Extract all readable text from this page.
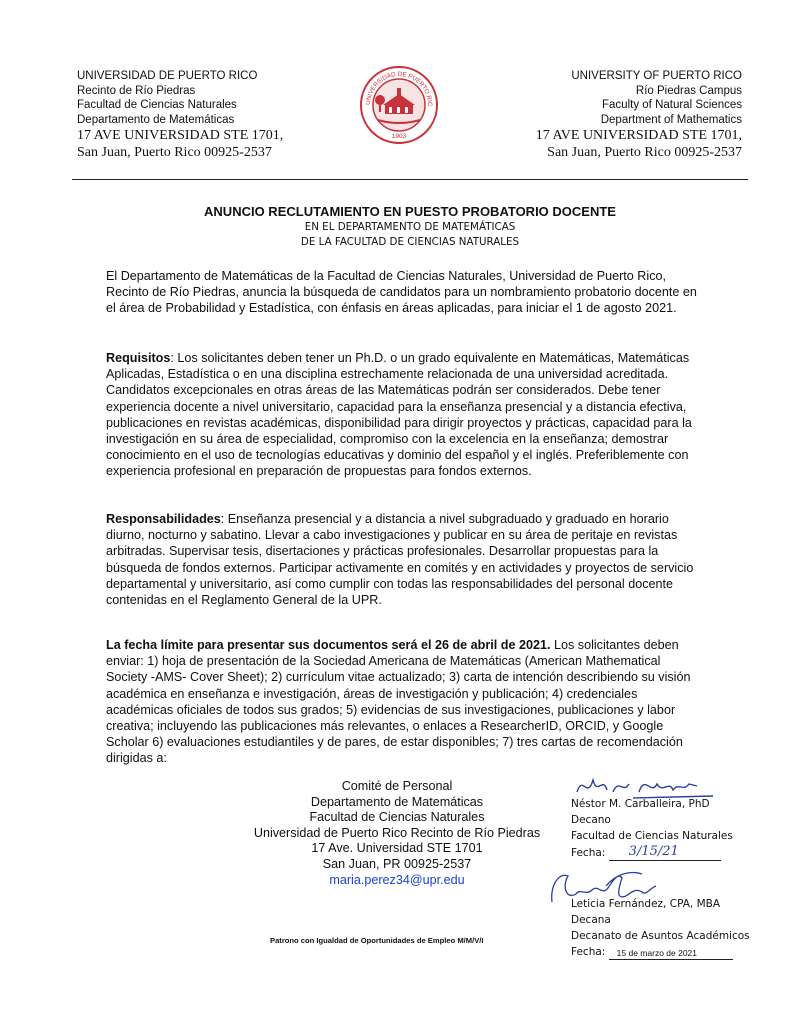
UNIVERSIDAD DE PUERTO RICO
Recinto de Río Piedras
Facultad de Ciencias Naturales
Departamento de Matemáticas
17 AVE UNIVERSIDAD STE 1701,
San Juan, Puerto Rico 00925-2537
UNIVERSIDAD DE PUERTO RIC
1903
UNIVERSITY OF PUERTO RICO
Río Piedras Campus
Faculty of Natural Sciences
Department of Mathematics
17 AVE UNIVERSIDAD STE 1701,
San Juan, Puerto Rico 00925-2537
ANUNCIO RECLUTAMIENTO EN PUESTO PROBATORIO DOCENTE
EN EL DEPARTAMENTO DE MATEMÁTICAS
DE LA FACULTAD DE CIENCIAS NATURALES
El Departamento de Matemáticas de la Facultad de Ciencias Naturales, Universidad de Puerto Rico, Recinto de Río Piedras, anuncia la búsqueda de candidatos para un nombramiento probatorio docente en el área de Probabilidad y Estadística, con énfasis en áreas aplicadas, para iniciar el 1 de agosto 2021.
Requisitos: Los solicitantes deben tener un Ph.D. o un grado equivalente en Matemáticas, Matemáticas Aplicadas, Estadística o en una disciplina estrechamente relacionada de una universidad acreditada. Candidatos excepcionales en otras áreas de las Matemáticas podrán ser considerados. Debe tener experiencia docente a nivel universitario, capacidad para la enseñanza presencial y a distancia efectiva, publicaciones en revistas académicas, disponibilidad para dirigir proyectos y prácticas, capacidad para la investigación en su área de especialidad, compromiso con la excelencia en la enseñanza; demostrar conocimiento en el uso de tecnologías educativas y dominio del español y el inglés. Preferiblemente con experiencia profesional en preparación de propuestas para fondos externos.
Responsabilidades: Enseñanza presencial y a distancia a nivel subgraduado y graduado en horario diurno, nocturno y sabatino. Llevar a cabo investigaciones y publicar en su área de peritaje en revistas arbitradas. Supervisar tesis, disertaciones y prácticas profesionales. Desarrollar propuestas para la búsqueda de fondos externos. Participar activamente en comités y en actividades y proyectos de servicio departamental y universitario, así como cumplir con todas las responsabilidades del personal docente contenidas en el Reglamento General de la UPR.
La fecha límite para presentar sus documentos será el 26 de abril de 2021. Los solicitantes deben enviar: 1) hoja de presentación de la Sociedad Americana de Matemáticas (American Mathematical Society -AMS- Cover Sheet); 2) currículum vitae actualizado; 3) carta de intención describiendo su visión académica en enseñanza e investigación, áreas de investigación y publicación; 4) credenciales académicas oficiales de todos sus grados; 5) evidencias de sus investigaciones, publicaciones y labor creativa; incluyendo las publicaciones más relevantes, o enlaces a ResearcherID, ORCID, y Google Scholar 6) evaluaciones estudiantiles y de pares, de estar disponibles; 7) tres cartas de recomendación dirigidas a:
Comité de Personal
Departamento de Matemáticas
Facultad de Ciencias Naturales
Universidad de Puerto Rico Recinto de Río Piedras
17 Ave. Universidad STE 1701
San Juan, PR 00925-2537
maria.perez34@upr.edu
Néstor M. Carballeira, PhD
Decano
Facultad de Ciencias Naturales
Fecha: 3/15/21
Leticia Fernández, CPA, MBA
Decana
Decanato de Asuntos Académicos
Fecha: 15 de marzo de 2021
Patrono con Igualdad de Oportunidades de Empleo M/M/V/I
